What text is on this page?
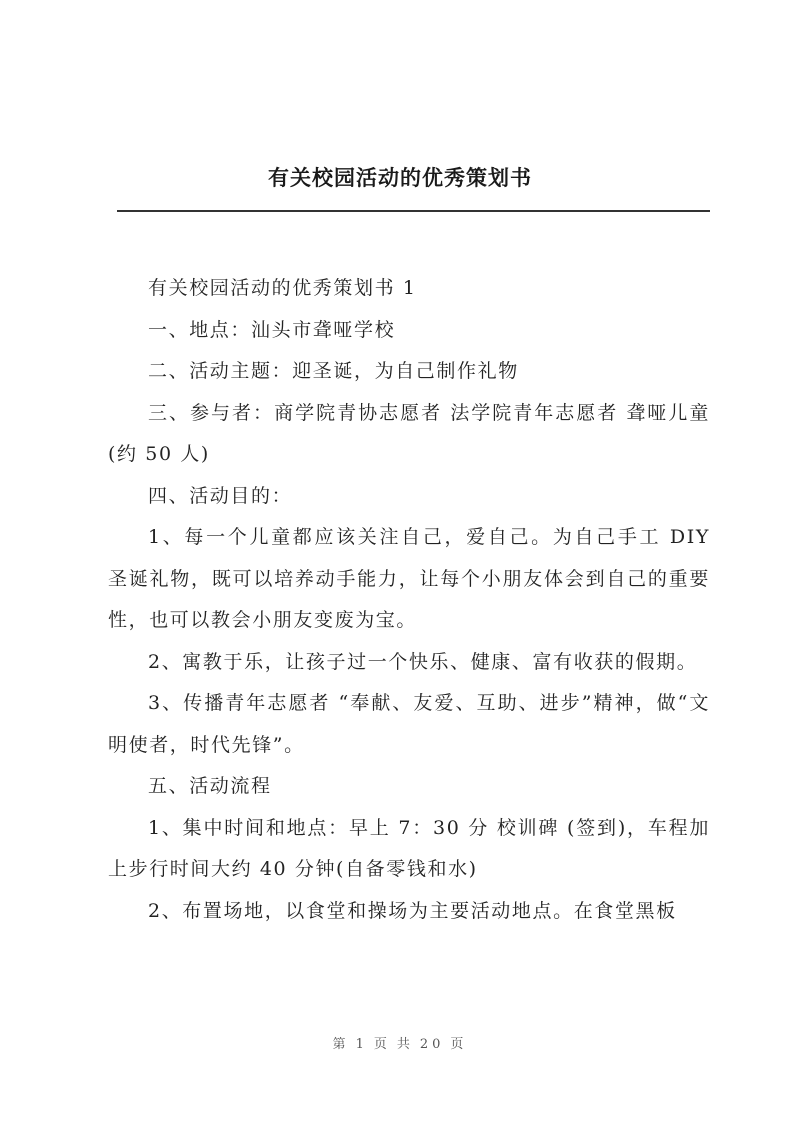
有关校园活动的优秀策划书

有关校园活动的优秀策划书 1

一、地点：汕头市聋哑学校

二、活动主题：迎圣诞，为自己制作礼物

三、参与者：商学院青协志愿者 法学院青年志愿者 聋哑儿童(约 50 人)

四、活动目的：

1、每一个儿童都应该关注自己，爱自己。为自己手工 DIY 圣诞礼物，既可以培养动手能力，让每个小朋友体会到自己的重要性，也可以教会小朋友变废为宝。

2、寓教于乐，让孩子过一个快乐、健康、富有收获的假期。

3、传播青年志愿者 “奉献、友爱、互助、进步”精神，做“文明使者，时代先锋”。

五、活动流程

1、集中时间和地点：早上 7：30 分 校训碑 (签到)，车程加上步行时间大约 40 分钟(自备零钱和水)

2、布置场地，以食堂和操场为主要活动地点。在食堂黑板

第 1 页 共 20 页
